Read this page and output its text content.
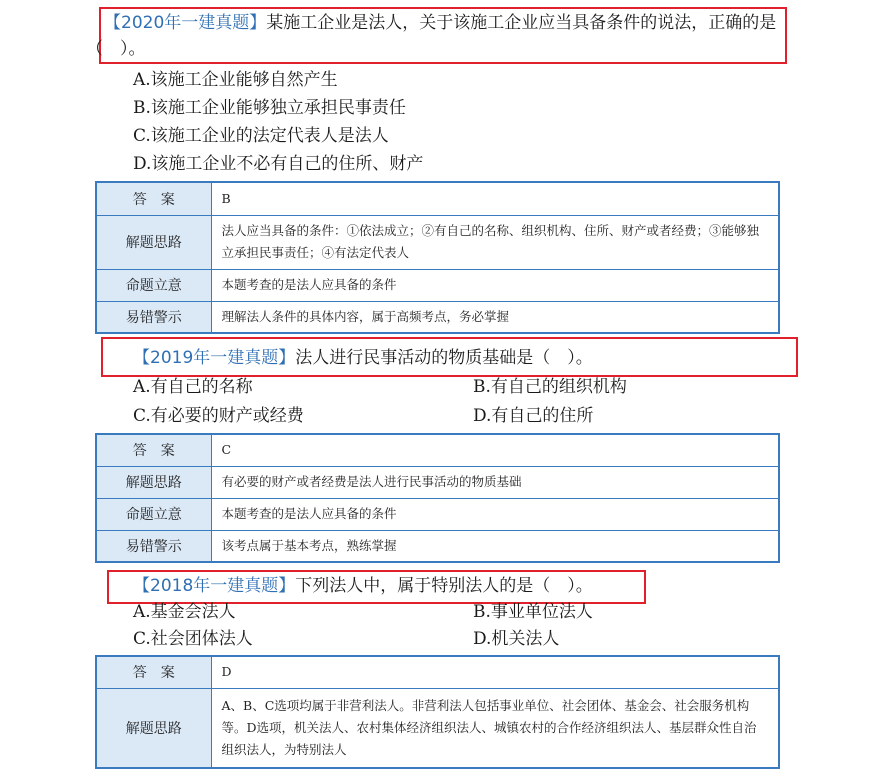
【2020年一建真题】某施工企业是法人，关于该施工企业应当具备条件的说法，正确的是（　）。
A.该施工企业能够自然产生
B.该施工企业能够独立承担民事责任
C.该施工企业的法定代表人是法人
D.该施工企业不必有自己的住所、财产
答　案	B
解题思路	法人应当具备的条件：①依法成立；②有自己的名称、组织机构、住所、财产或者经费；③能够独立承担民事责任；④有法定代表人
命题立意	本题考查的是法人应具备的条件
易错警示	理解法人条件的具体内容，属于高频考点，务必掌握
【2019年一建真题】法人进行民事活动的物质基础是（　）。
A.有自己的名称	B.有自己的组织机构
C.有必要的财产或经费	D.有自己的住所
答　案	C
解题思路	有必要的财产或者经费是法人进行民事活动的物质基础
命题立意	本题考查的是法人应具备的条件
易错警示	该考点属于基本考点，熟练掌握
【2018年一建真题】下列法人中，属于特别法人的是（　）。
A.基金会法人	B.事业单位法人
C.社会团体法人	D.机关法人
答　案	D
解题思路	A、B、C选项均属于非营利法人。非营利法人包括事业单位、社会团体、基金会、社会服务机构等。D选项，机关法人、农村集体经济组织法人、城镇农村的合作经济组织法人、基层群众性自治组织法人，为特别法人
